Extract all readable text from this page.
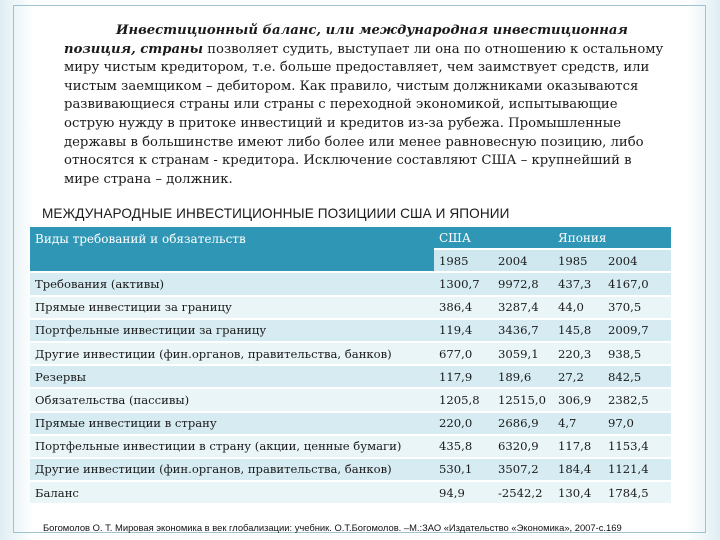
Инвестиционный баланс, или международная инвестиционная позиция, страны позволяет судить, выступает ли она по отношению к остальному миру чистым кредитором, т.е. больше предоставляет, чем заимствует средств, или чистым заемщиком – дебитором. Как правило, чистым должниками оказываются развивающиеся страны или страны с переходной экономикой, испытывающие острую нужду в притоке инвестиций и кредитов из-за рубежа. Промышленные державы в большинстве имеют либо более или менее равновесную позицию, либо относятся к странам - кредитора. Исключение составляют США – крупнейший в мире страна – должник.

МЕЖДУНАРОДНЫЕ ИНВЕСТИЦИОННЫЕ ПОЗИЦИИИ США И ЯПОНИИ
Виды требований и обязательств	США		Япония	
	1985	2004	1985	2004
Требования (активы)	1300,7	9972,8	437,3	4167,0
Прямые инвестиции за границу	386,4	3287,4	44,0	370,5
Портфельные инвестиции за границу	119,4	3436,7	145,8	2009,7
Другие инвестиции (фин.органов, правительства, банков)	677,0	3059,1	220,3	938,5
Резервы	117,9	189,6	27,2	842,5
Обязательства (пассивы)	1205,8	12515,0	306,9	2382,5
Прямые инвестиции в страну	220,0	2686,9	4,7	97,0
Портфельные инвестиции в страну (акции, ценные бумаги)	435,8	6320,9	117,8	1153,4
Другие инвестиции (фин.органов, правительства, банков)	530,1	3507,2	184,4	1121,4
Баланс	94,9	-2542,2	130,4	1784,5
Богомолов О. Т. Мировая экономика в век глобализации: учебник. О.Т.Богомолов. –М.:ЗАО «Издательство «Экономика», 2007-с.169
